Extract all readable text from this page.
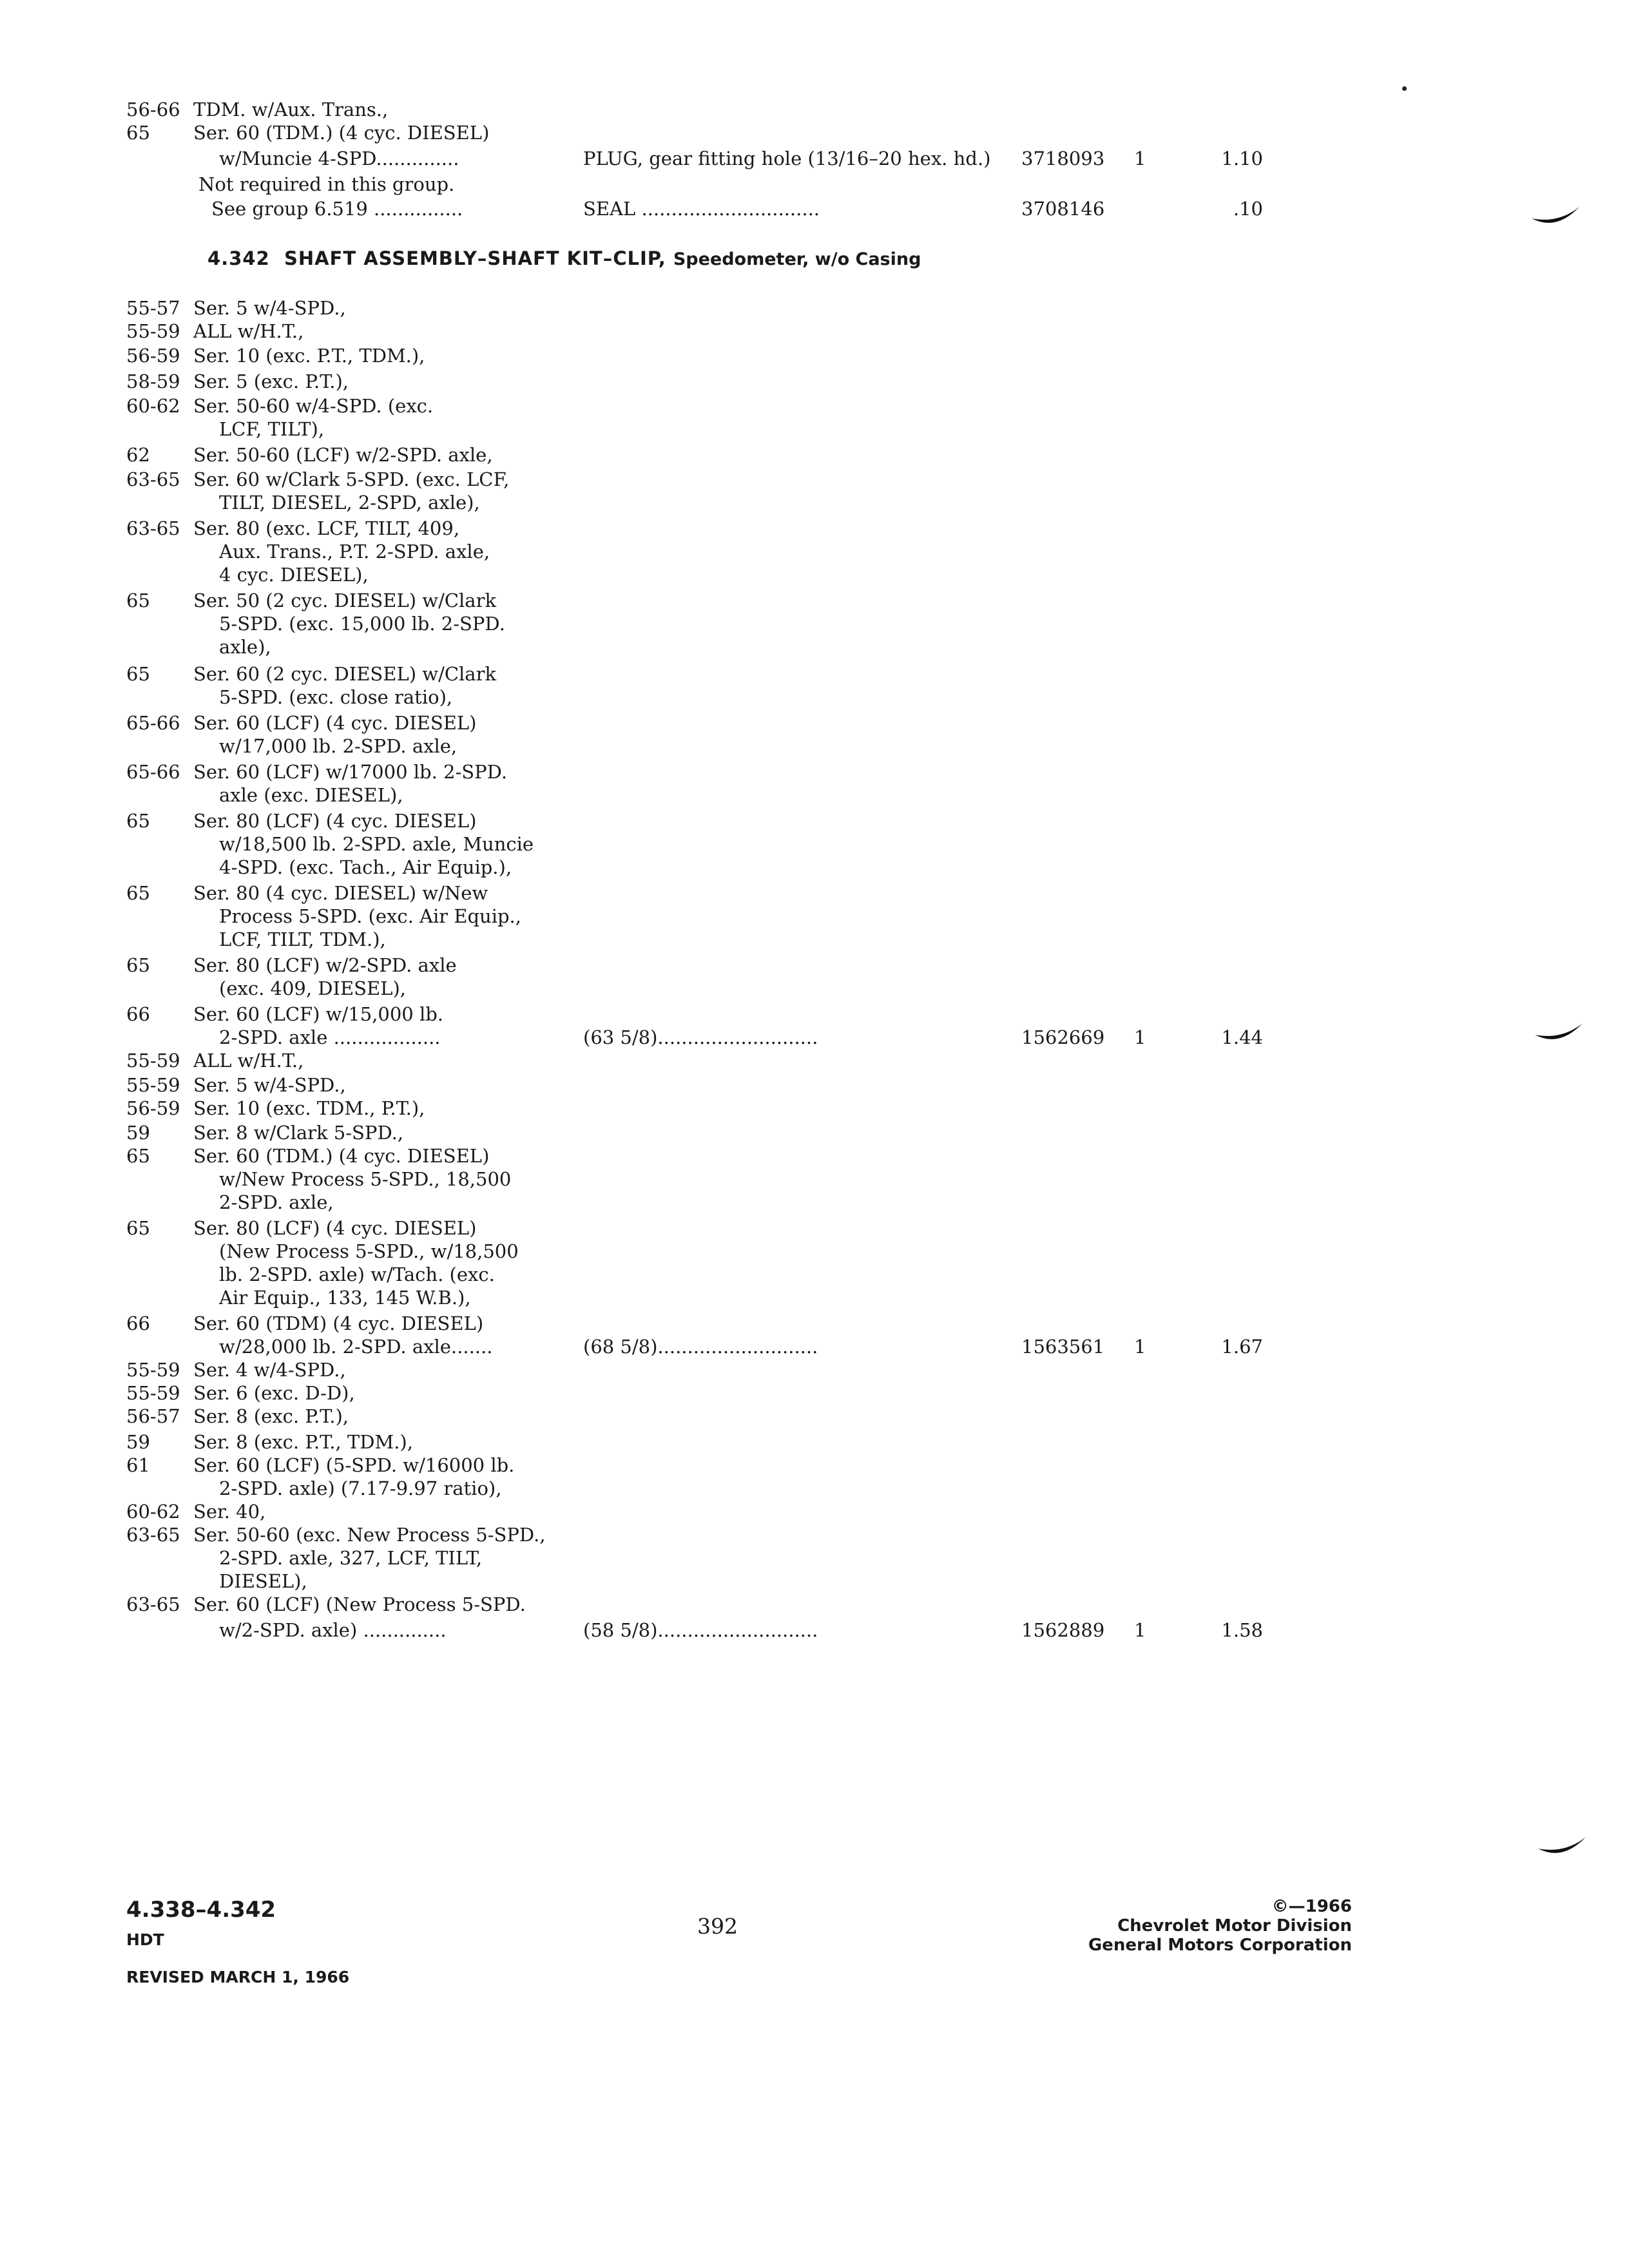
56-66 TDM. w/Aux. Trans.,
65 Ser. 60 (TDM.) (4 cyc. DIESEL)
w/Muncie 4-SPD..............	PLUG, gear fitting hole (13/16–20 hex. hd.) 3718093 1	1.10
Not required in this group.
See group 6.519 ...............	SEAL ..............................	3708146	.10
4.342 SHAFT ASSEMBLY–SHAFT KIT–CLIP, Speedometer, w/o Casing
55-57 Ser. 5 w/4-SPD.,
55-59 ALL w/H.T.,
56-59 Ser. 10 (exc. P.T., TDM.),
58-59 Ser. 5 (exc. P.T.),
60-62 Ser. 50-60 w/4-SPD. (exc.
LCF, TILT),
62 Ser. 50-60 (LCF) w/2-SPD. axle,
63-65 Ser. 60 w/Clark 5-SPD. (exc. LCF,
TILT, DIESEL, 2-SPD, axle),
63-65 Ser. 80 (exc. LCF, TILT, 409,
Aux. Trans., P.T. 2-SPD. axle,
4 cyc. DIESEL),
65 Ser. 50 (2 cyc. DIESEL) w/Clark
5-SPD. (exc. 15,000 lb. 2-SPD.
axle),
65 Ser. 60 (2 cyc. DIESEL) w/Clark
5-SPD. (exc. close ratio),
65-66 Ser. 60 (LCF) (4 cyc. DIESEL)
w/17,000 lb. 2-SPD. axle,
65-66 Ser. 60 (LCF) w/17000 lb. 2-SPD.
axle (exc. DIESEL),
65 Ser. 80 (LCF) (4 cyc. DIESEL)
w/18,500 lb. 2-SPD. axle, Muncie
4-SPD. (exc. Tach., Air Equip.),
65 Ser. 80 (4 cyc. DIESEL) w/New
Process 5-SPD. (exc. Air Equip.,
LCF, TILT, TDM.),
65 Ser. 80 (LCF) w/2-SPD. axle
(exc. 409, DIESEL),
66 Ser. 60 (LCF) w/15,000 lb.
2-SPD. axle ..................	(63 5/8)...........................	1562669 1	1.44
55-59 ALL w/H.T.,
55-59 Ser. 5 w/4-SPD.,
56-59 Ser. 10 (exc. TDM., P.T.),
59 Ser. 8 w/Clark 5-SPD.,
65 Ser. 60 (TDM.) (4 cyc. DIESEL)
w/New Process 5-SPD., 18,500
2-SPD. axle,
65 Ser. 80 (LCF) (4 cyc. DIESEL)
(New Process 5-SPD., w/18,500
lb. 2-SPD. axle) w/Tach. (exc.
Air Equip., 133, 145 W.B.),
66 Ser. 60 (TDM) (4 cyc. DIESEL)
w/28,000 lb. 2-SPD. axle.......	(68 5/8)...........................	1563561 1	1.67
55-59 Ser. 4 w/4-SPD.,
55-59 Ser. 6 (exc. D-D),
56-57 Ser. 8 (exc. P.T.),
59 Ser. 8 (exc. P.T., TDM.),
61 Ser. 60 (LCF) (5-SPD. w/16000 lb.
2-SPD. axle) (7.17-9.97 ratio),
60-62 Ser. 40,
63-65 Ser. 50-60 (exc. New Process 5-SPD.,
2-SPD. axle, 327, LCF, TILT,
DIESEL),
63-65 Ser. 60 (LCF) (New Process 5-SPD.
w/2-SPD. axle) ..............	(58 5/8)...........................	1562889 1	1.58
4.338–4.342
HDT
REVISED MARCH 1, 1966
392
©—1966
Chevrolet Motor Division
General Motors Corporation
